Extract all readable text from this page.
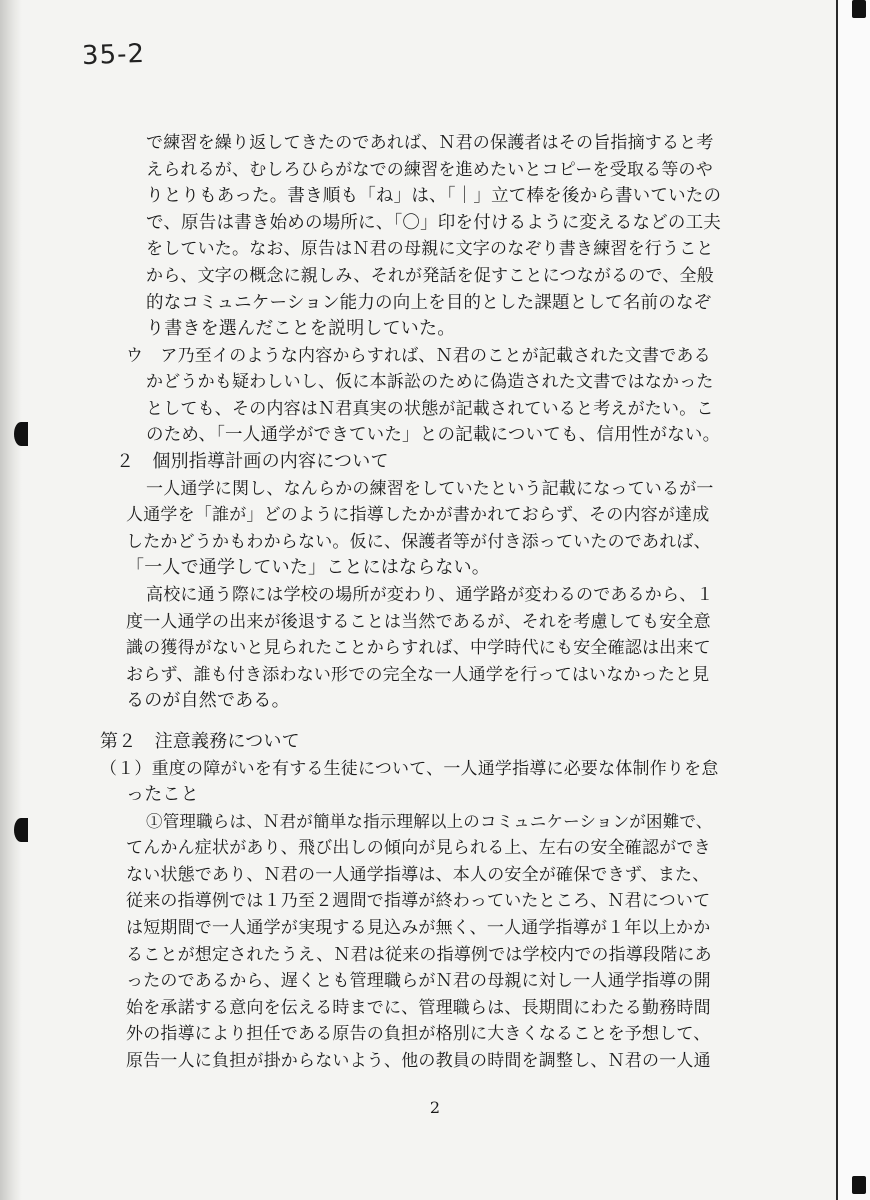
35-2
で練習を繰り返してきたのであれば、Ｎ君の保護者はその旨指摘すると考
えられるが、むしろひらがなでの練習を進めたいとコピーを受取る等のや
りとりもあった。書き順も「ね」は、「｜」立て棒を後から書いていたの
で、原告は書き始めの場所に、「〇」印を付けるように変えるなどの工夫
をしていた。なお、原告はＮ君の母親に文字のなぞり書き練習を行うこと
から、文字の概念に親しみ、それが発話を促すことにつながるので、全般
的なコミュニケーション能力の向上を目的とした課題として名前のなぞ
り書きを選んだことを説明していた。
ウ　ア乃至イのような内容からすれば、Ｎ君のことが記載された文書である
かどうかも疑わしいし、仮に本訴訟のために偽造された文書ではなかった
としても、その内容はＮ君真実の状態が記載されていると考えがたい。こ
のため、「一人通学ができていた」との記載についても、信用性がない。
２　個別指導計画の内容について
一人通学に関し、なんらかの練習をしていたという記載になっているが一
人通学を「誰が」どのように指導したかが書かれておらず、その内容が達成
したかどうかもわからない。仮に、保護者等が付き添っていたのであれば、
「一人で通学していた」ことにはならない。
高校に通う際には学校の場所が変わり、通学路が変わるのであるから、１
度一人通学の出来が後退することは当然であるが、それを考慮しても安全意
識の獲得がないと見られたことからすれば、中学時代にも安全確認は出来て
おらず、誰も付き添わない形での完全な一人通学を行ってはいなかったと見
るのが自然である。
第２　注意義務について
（１）重度の障がいを有する生徒について、一人通学指導に必要な体制作りを怠
ったこと
①管理職らは、Ｎ君が簡単な指示理解以上のコミュニケーションが困難で、
てんかん症状があり、飛び出しの傾向が見られる上、左右の安全確認ができ
ない状態であり、Ｎ君の一人通学指導は、本人の安全が確保できず、また、
従来の指導例では１乃至２週間で指導が終わっていたところ、Ｎ君について
は短期間で一人通学が実現する見込みが無く、一人通学指導が１年以上かか
ることが想定されたうえ、Ｎ君は従来の指導例では学校内での指導段階にあ
ったのであるから、遅くとも管理職らがＮ君の母親に対し一人通学指導の開
始を承諾する意向を伝える時までに、管理職らは、長期間にわたる勤務時間
外の指導により担任である原告の負担が格別に大きくなることを予想して、
原告一人に負担が掛からないよう、他の教員の時間を調整し、Ｎ君の一人通
2
